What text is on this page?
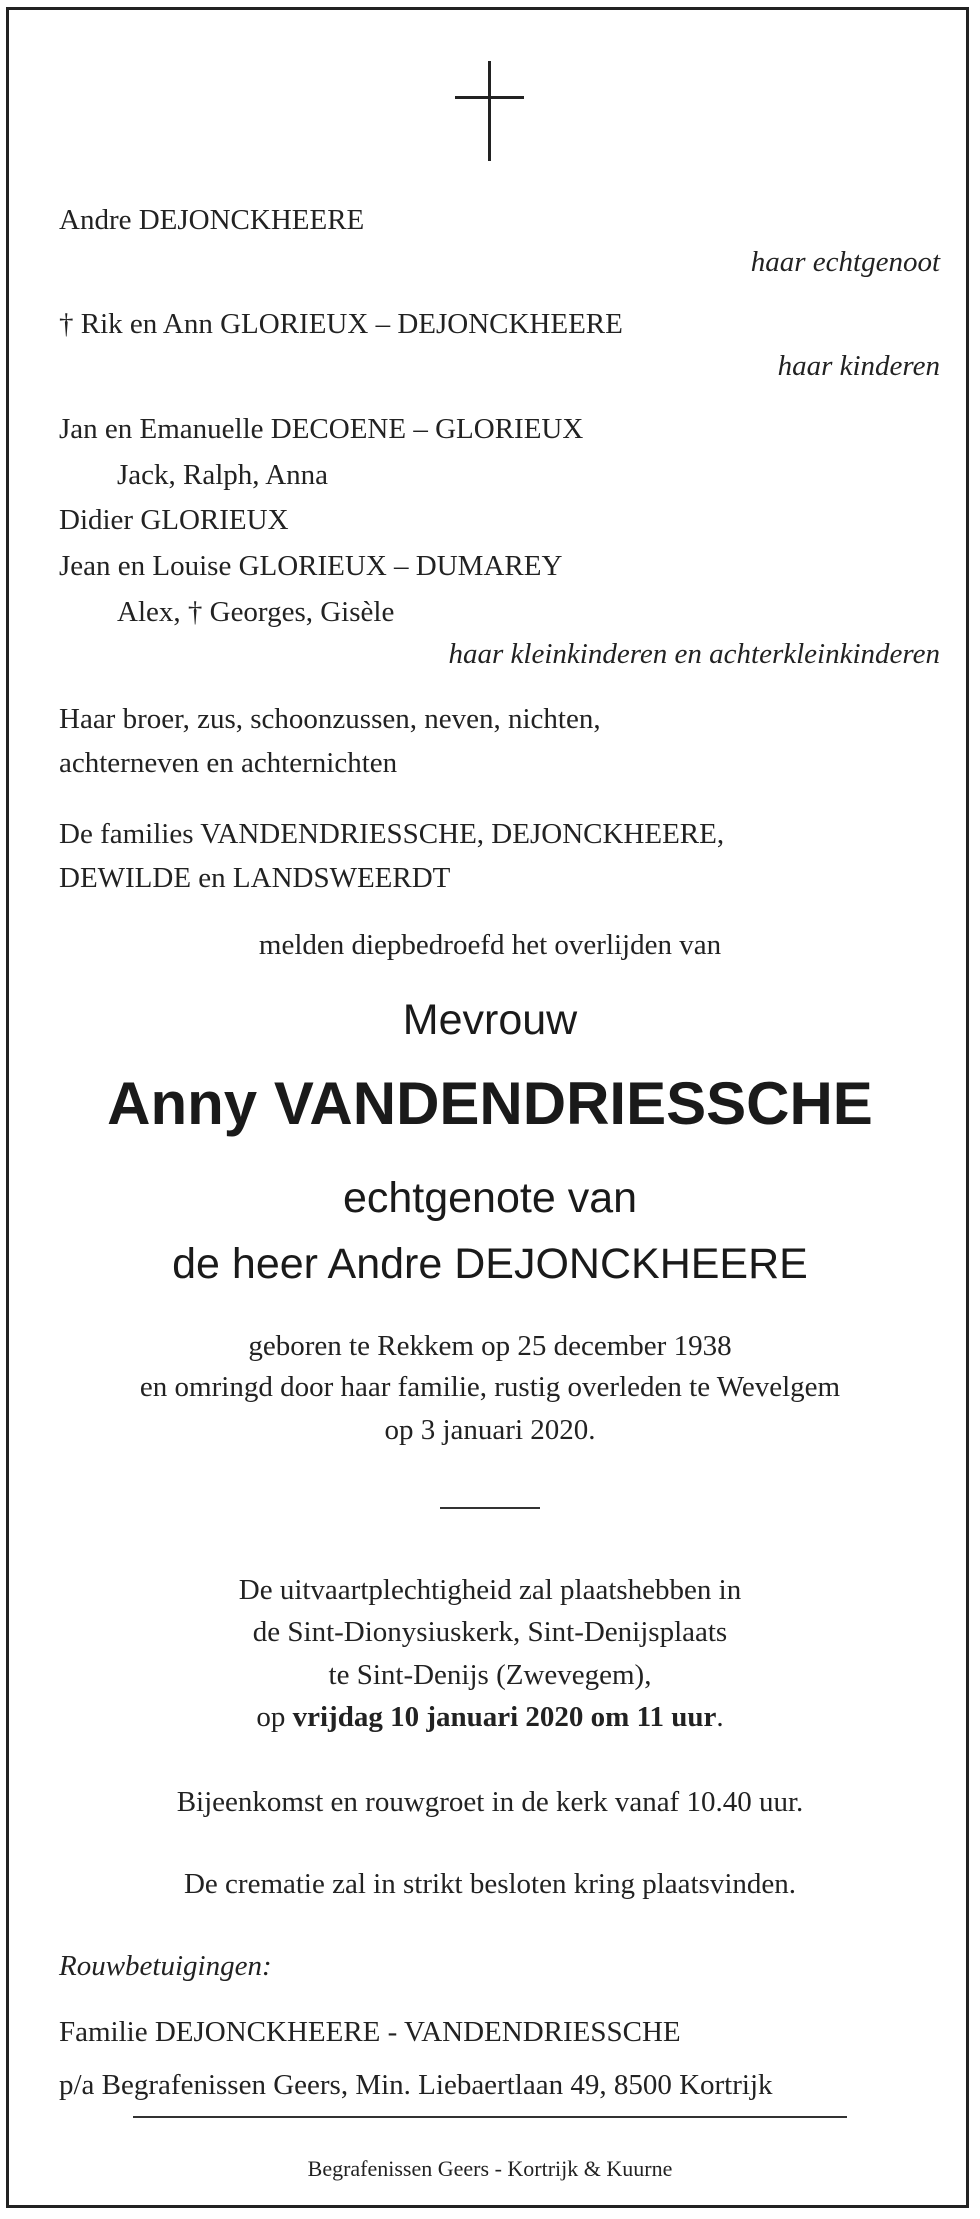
Andre DEJONCKHEERE
haar echtgenoot
† Rik en Ann GLORIEUX – DEJONCKHEERE
haar kinderen
Jan en Emanuelle DECOENE – GLORIEUX
Jack, Ralph, Anna
Didier GLORIEUX
Jean en Louise GLORIEUX – DUMAREY
Alex, † Georges, Gisèle
haar kleinkinderen en achterkleinkinderen
Haar broer, zus, schoonzussen, neven, nichten,
achterneven en achternichten
De families VANDENDRIESSCHE, DEJONCKHEERE,
DEWILDE en LANDSWEERDT
melden diepbedroefd het overlijden van
Mevrouw
Anny VANDENDRIESSCHE
echtgenote van
de heer Andre DEJONCKHEERE
geboren te Rekkem op 25 december 1938
en omringd door haar familie, rustig overleden te Wevelgem
op 3 januari 2020.
De uitvaartplechtigheid zal plaatshebben in
de Sint-Dionysiuskerk, Sint-Denijsplaats
te Sint-Denijs (Zwevegem),
op vrijdag 10 januari 2020 om 11 uur.
Bijeenkomst en rouwgroet in de kerk vanaf 10.40 uur.
De crematie zal in strikt besloten kring plaatsvinden.
Rouwbetuigingen:
Familie DEJONCKHEERE - VANDENDRIESSCHE
p/a Begrafenissen Geers, Min. Liebaertlaan 49, 8500 Kortrijk
Begrafenissen Geers - Kortrijk & Kuurne
